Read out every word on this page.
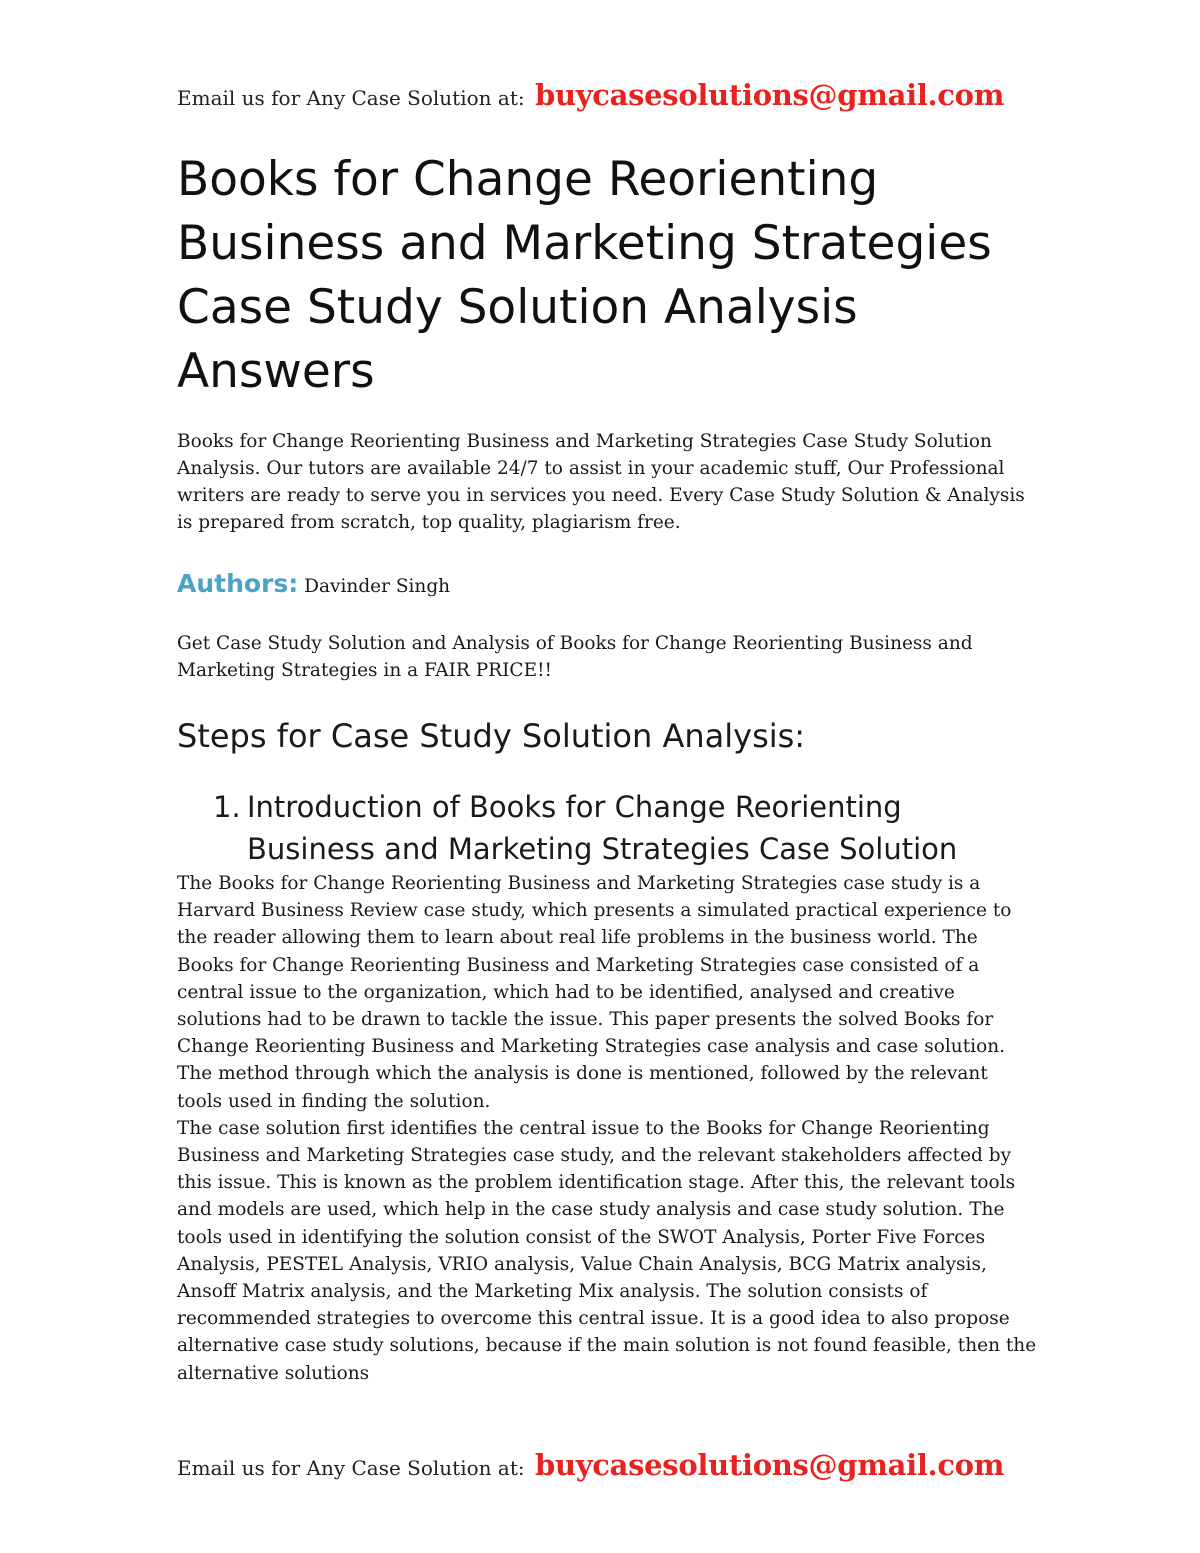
Email us for Any Case Solution at: buycasesolutions@gmail.com
Books for Change Reorienting Business and Marketing Strategies Case Study Solution Analysis Answers

Books for Change Reorienting Business and Marketing Strategies Case Study Solution Analysis. Our tutors are available 24/7 to assist in your academic stuff, Our Professional writers are ready to serve you in services you need. Every Case Study Solution & Analysis is prepared from scratch, top quality, plagiarism free.

Authors: Davinder Singh

Get Case Study Solution and Analysis of Books for Change Reorienting Business and Marketing Strategies in a FAIR PRICE!!

Steps for Case Study Solution Analysis:
1. Introduction of Books for Change Reorienting Business and Marketing Strategies Case Solution

The Books for Change Reorienting Business and Marketing Strategies case study is a Harvard Business Review case study, which presents a simulated practical experience to the reader allowing them to learn about real life problems in the business world. The Books for Change Reorienting Business and Marketing Strategies case consisted of a central issue to the organization, which had to be identified, analysed and creative solutions had to be drawn to tackle the issue. This paper presents the solved Books for Change Reorienting Business and Marketing Strategies case analysis and case solution. The method through which the analysis is done is mentioned, followed by the relevant tools used in finding the solution.

The case solution first identifies the central issue to the Books for Change Reorienting Business and Marketing Strategies case study, and the relevant stakeholders affected by this issue. This is known as the problem identification stage. After this, the relevant tools and models are used, which help in the case study analysis and case study solution. The tools used in identifying the solution consist of the SWOT Analysis, Porter Five Forces Analysis, PESTEL Analysis, VRIO analysis, Value Chain Analysis, BCG Matrix analysis, Ansoff Matrix analysis, and the Marketing Mix analysis. The solution consists of recommended strategies to overcome this central issue. It is a good idea to also propose alternative case study solutions, because if the main solution is not found feasible, then the alternative solutions

Email us for Any Case Solution at: buycasesolutions@gmail.com
